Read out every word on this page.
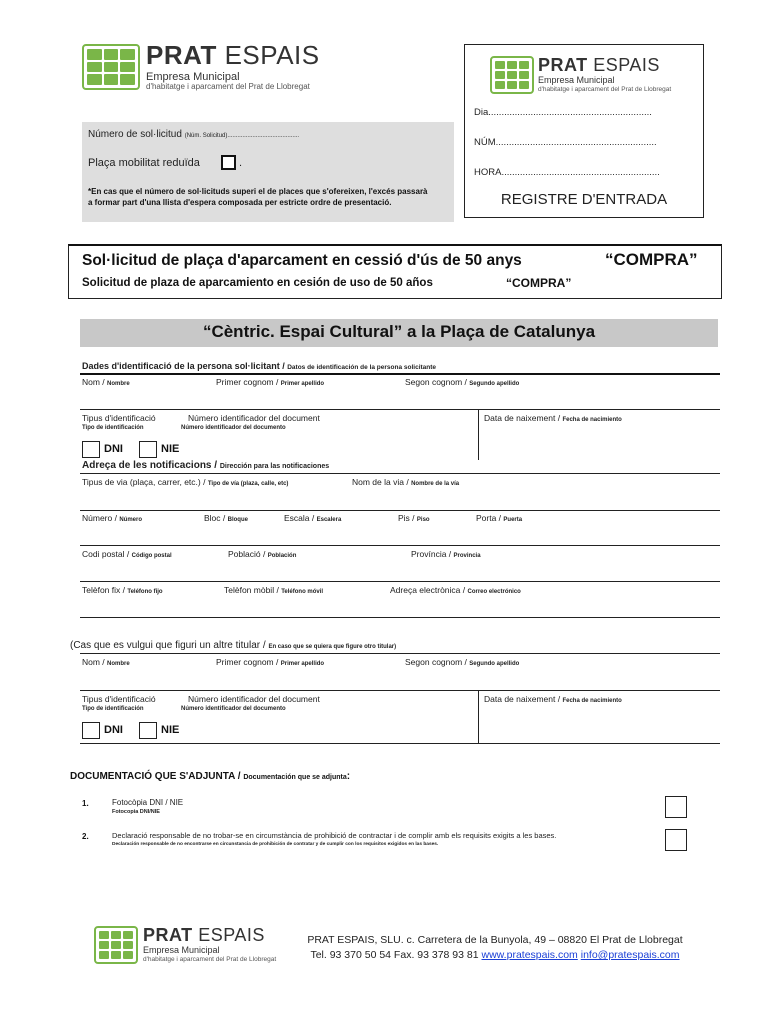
PRAT ESPAIS
Empresa Municipal
d'habitatge i aparcament del Prat de Llobregat
Número de sol·licitud (Núm. Solicitud)...........................................
Plaça mobilitat reduïda	.
*En cas que el número de sol·licituds superi el de places que s'ofereixen, l'excés passarà a formar part d'una llista d'espera composada per estricte ordre de presentació.
PRAT ESPAIS
Empresa Municipal
d'habitatge i aparcament del Prat de Llobregat
Dia..............................................................
NÚM.............................................................
HORA............................................................
REGISTRE D'ENTRADA
Sol·licitud de plaça d'aparcament en cessió d'ús de 50 anys	“COMPRA”
Solicitud de plaza de aparcamiento en cesión de uso de 50 años	“COMPRA”
“Cèntric. Espai Cultural” a la Plaça de Catalunya
Dades d'identificació de la persona sol·licitant / Datos de identificación de la persona solicitante
Nom / Nombre	Primer cognom / Primer apellido	Segon cognom / Segundo apellido
Tipus d'identificació
Tipo de identificación
Número identificador del document
Número identificador del documento
Data de naixement / Fecha de nacimiento
DNI	NIE
Adreça de les notificacions / Dirección para las notificaciones
Tipus de via (plaça, carrer, etc.) / Tipo de vía (plaza, calle, etc)	Nom de la via / Nombre de la vía
Número / Número	Bloc / Bloque	Escala / Escalera	Pis / Piso	Porta / Puerta
Codi postal / Código postal	Població / Población	Província / Provincia
Telèfon fix / Teléfono fijo	Telèfon mòbil / Teléfono móvil	Adreça electrònica / Correo electrónico
(Cas que es vulgui que figuri un altre titular / En caso que se quiera que figure otro titular)
Nom / Nombre	Primer cognom / Primer apellido	Segon cognom / Segundo apellido
Tipus d'identificació
Tipo de identificación
Número identificador del document
Número identificador del documento
Data de naixement / Fecha de nacimiento
DNI	NIE
DOCUMENTACIÓ QUE S'ADJUNTA / Documentación que se adjunta:
1.	Fotocòpia DNI / NIE
Fotocopia DNI/NIE
2.	Declaració responsable de no trobar-se en circumstància de prohibició de contractar i de complir amb els requisits exigits a les bases.
Declaración responsable de no encontrarse en circunstancia de prohibición de contratar y de cumplir con los requisitos exigidos en las bases.
PRAT ESPAIS
Empresa Municipal
d'habitatge i aparcament del Prat de Llobregat
PRAT ESPAIS, SLU. c. Carretera de la Bunyola, 49 – 08820 El Prat de Llobregat
Tel. 93 370 50 54 Fax. 93 378 93 81 www.pratespais.com info@pratespais.com
